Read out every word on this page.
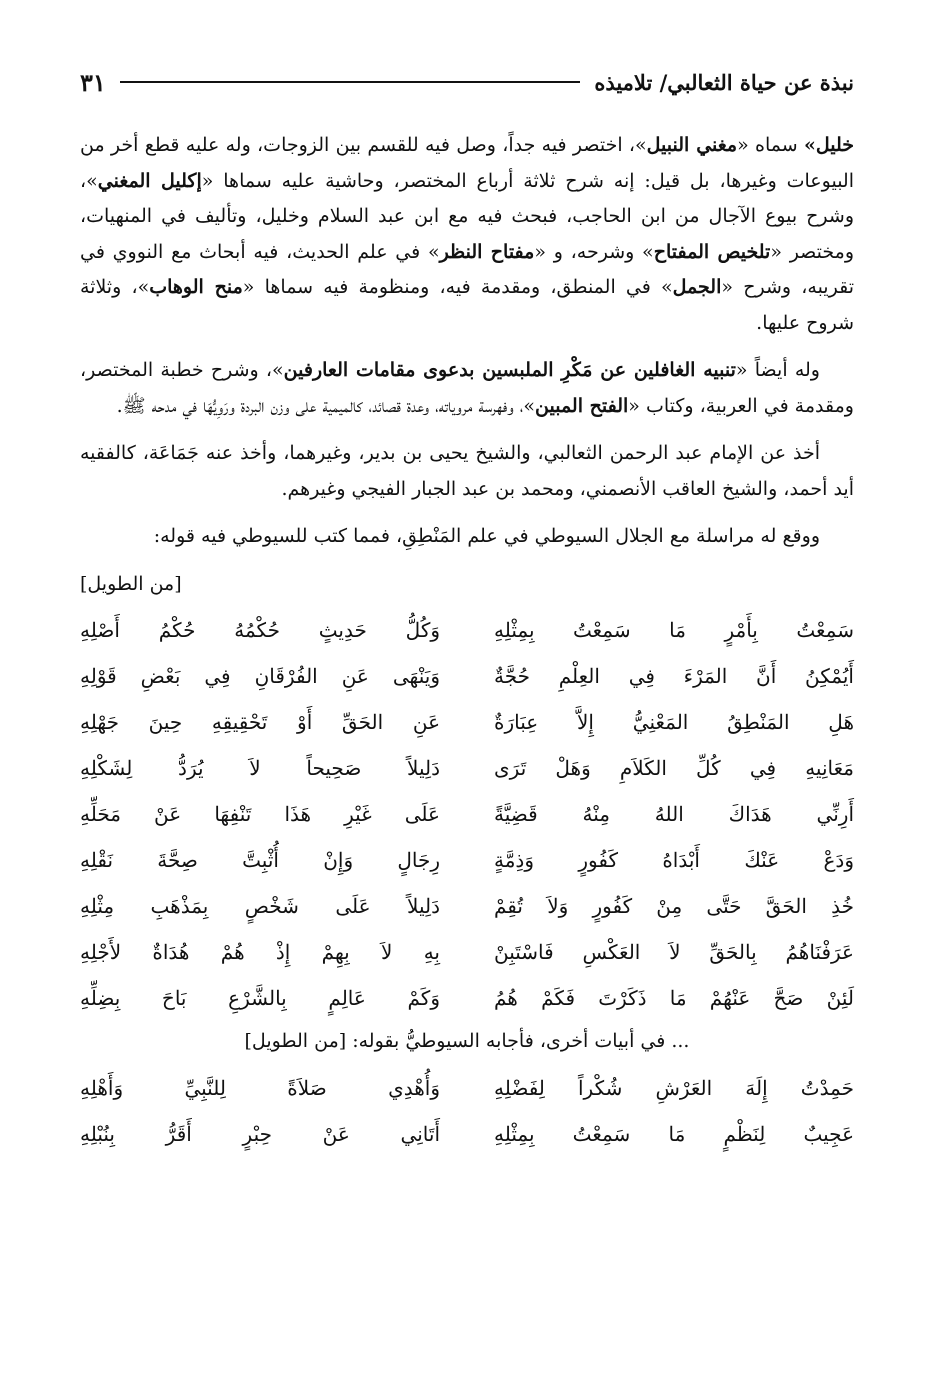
نبذة عن حياة الثعالبي/ تلاميذه
٣١

خليل» سماه «مغني النبيل»، اختصر فيه جداً، وصل فيه للقسم بين الزوجات، وله عليه قطع أخر من البيوعات وغيرها، بل قيل: إنه شرح ثلاثة أرباع المختصر، وحاشية عليه سماها «إكليل المغني»، وشرح بيوع الآجال من ابن الحاجب، فبحث فيه مع ابن عبد السلام وخليل، وتأليف في المنهيات، ومختصر «تلخيص المفتاح» وشرحه، و «مفتاح النظر» في علم الحديث، فيه أبحاث مع النووي في تقريبه، وشرح «الجمل» في المنطق، ومقدمة فيه، ومنظومة فيه سماها «منح الوهاب»، وثلاثة شروح عليها.

وله أيضاً «تنبيه الغافلين عن مَكْرِ الملبسين بدعوى مقامات العارفين»، وشرح خطبة المختصر، ومقدمة في العربية، وكتاب «الفتح المبين»، وفهرسة مروياته، وعدة قصائد، كالميمية على وزن البردة ورَوِيُّهَا في مدحه ﷺ.

أخذ عن الإمام عبد الرحمن الثعالبي، والشيخ يحيى بن بدير، وغيرهما، وأخذ عنه جَمَاعَة، كالفقيه أيد أحمد، والشيخ العاقب الأنصمني، ومحمد بن عبد الجبار الفيجي وغيرهم.

ووقع له مراسلة مع الجلال السيوطي في علم المَنْطِقِ، فمما كتب للسيوطي فيه قوله:

[من الطويل]
سَمِعْتُ بِأَمْرٍ مَا سَمِعْتُ بِمِثْلِهِ
وَكُلُّ حَدِيثٍ حُكْمُهُ حُكْمُ أَصْلِهِ
أَيُمْكِنُ أَنَّ المَرْءَ فِي العِلْمِ حُجَّةٌ
وَيَنْهَى عَنِ الفُرْقَانِ فِي بَعْضِ قَوْلِهِ
هَلِ المَنْطِقُ المَعْنِيُّ إِلاَّ عِبَارَةٌ
عَنِ الحَقِّ أَوْ تَحْقِيقِهِ حِينَ جَهْلِهِ
مَعَانِيهِ فِي كُلِّ الكَلاَمِ وَهَلْ تَرَى
دَلِيلاً صَحِيحاً لاَ يُرَدُّ لِشَكْلِهِ
أَرِنِّي هَدَاكَ اللهُ مِنْهُ قَضِيَّةً
عَلَى غَيْرِ هَذَا تَنْفِهَا عَنْ مَحَلِّهِ
وَدَعْ عَنْكَ أَبْدَاهُ كَفُورٍ وَذِمَّةٍ
رِجَالٍ وَإِنْ أُثْبِتَّ صِحَّةَ نَقْلِهِ
خُذِ الحَقَّ حَتَّى مِنْ كَفُورٍ وَلاَ تُقِمْ
دَلِيلاً عَلَى شَخْصٍ بِمَذْهَبِ مِثْلِهِ
عَرَفْنَاهُمُ بِالحَقِّ لاَ العَكْسِ فَاسْتَبِنْ
بِهِ لاَ بِهِمْ إِذْ هُمْ هُدَاةٌ لأَجْلِهِ
لَئِنْ صَحَّ عَنْهُمْ مَا ذَكَرْتَ فَكَمْ هُمُ
وَكَمْ عَالِمٍ بِالشَّرْعِ بَاحَ بِضِلِّهِ
... في أبيات أخرى، فأجابه السيوطيُّ بقوله: [من الطويل]
حَمِدْتُ إِلَهَ العَرْشِ شُكْراً لِفَضْلِهِ
وَأُهْدِي صَلاَةً لِلنَّبِيِّ وَأَهْلِهِ
عَجِيبٌ لِنَظْمٍ مَا سَمِعْتُ بِمِثْلِهِ
أَتَانِي عَنْ حِبْرٍ أَقَرُّ بِنُبْلِهِ
